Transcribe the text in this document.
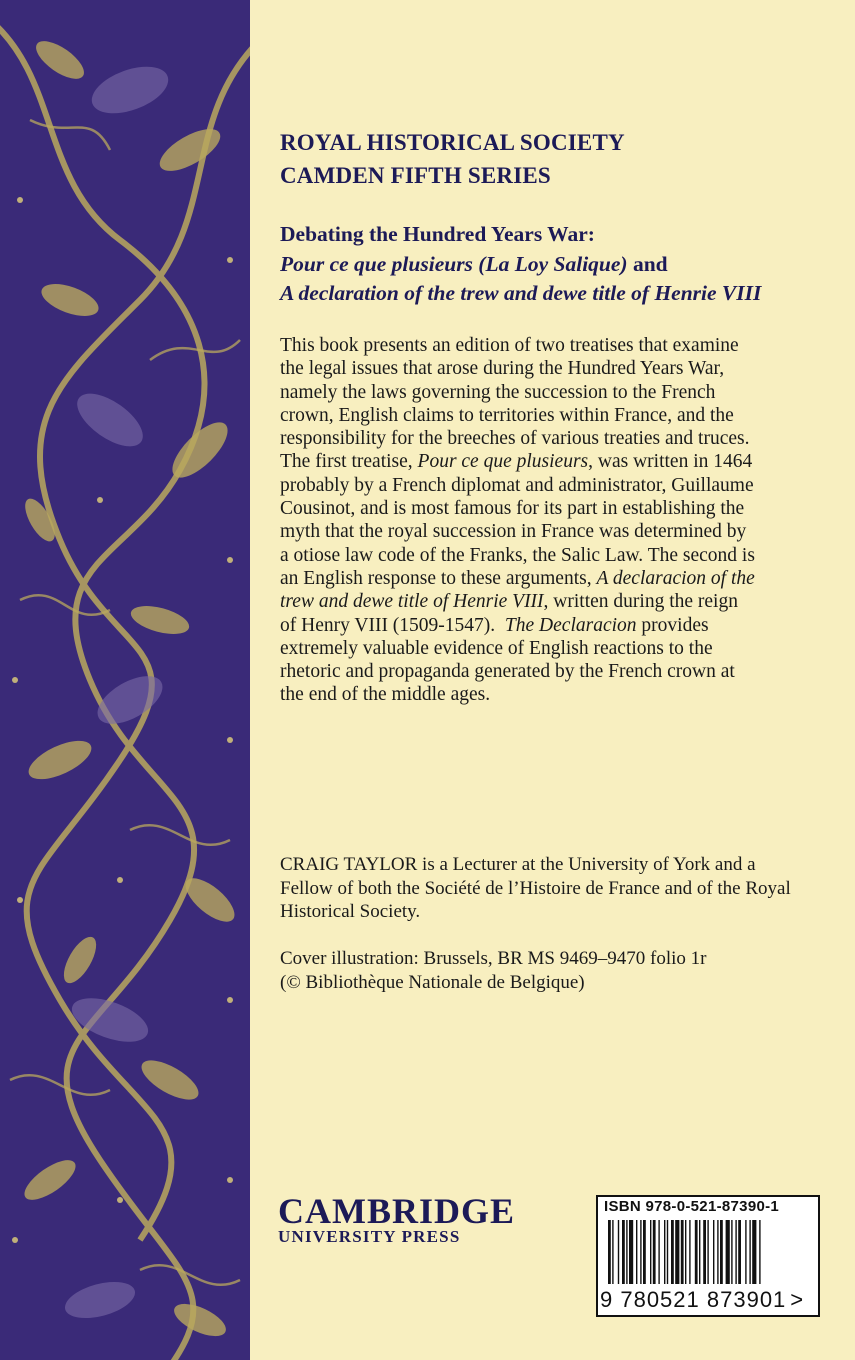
ROYAL HISTORICAL SOCIETY
CAMDEN FIFTH SERIES
Debating the Hundred Years War:
Pour ce que plusieurs (La Loy Salique) and
A declaration of the trew and dewe title of Henrie VIII
This book presents an edition of two treatises that examine
the legal issues that arose during the Hundred Years War,
namely the laws governing the succession to the French
crown, English claims to territories within France, and the
responsibility for the breeches of various treaties and truces.
The first treatise, Pour ce que plusieurs, was written in 1464
probably by a French diplomat and administrator, Guillaume
Cousinot, and is most famous for its part in establishing the
myth that the royal succession in France was determined by
a otiose law code of the Franks, the Salic Law. The second is
an English response to these arguments, A declaracion of the
trew and dewe title of Henrie VIII, written during the reign
of Henry VIII (1509-1547).  The Declaracion provides
extremely valuable evidence of English reactions to the
rhetoric and propaganda generated by the French crown at
the end of the middle ages.
CRAIG TAYLOR is a Lecturer at the University of York and a
Fellow of both the Société de l’Histoire de France and of the Royal
Historical Society.
Cover illustration: Brussels, BR MS 9469–9470 folio 1r
(© Bibliothèque Nationale de Belgique)
CAMBRIDGE
UNIVERSITY PRESS
ISBN 978-0-521-87390-1
9 780521 873901 >
